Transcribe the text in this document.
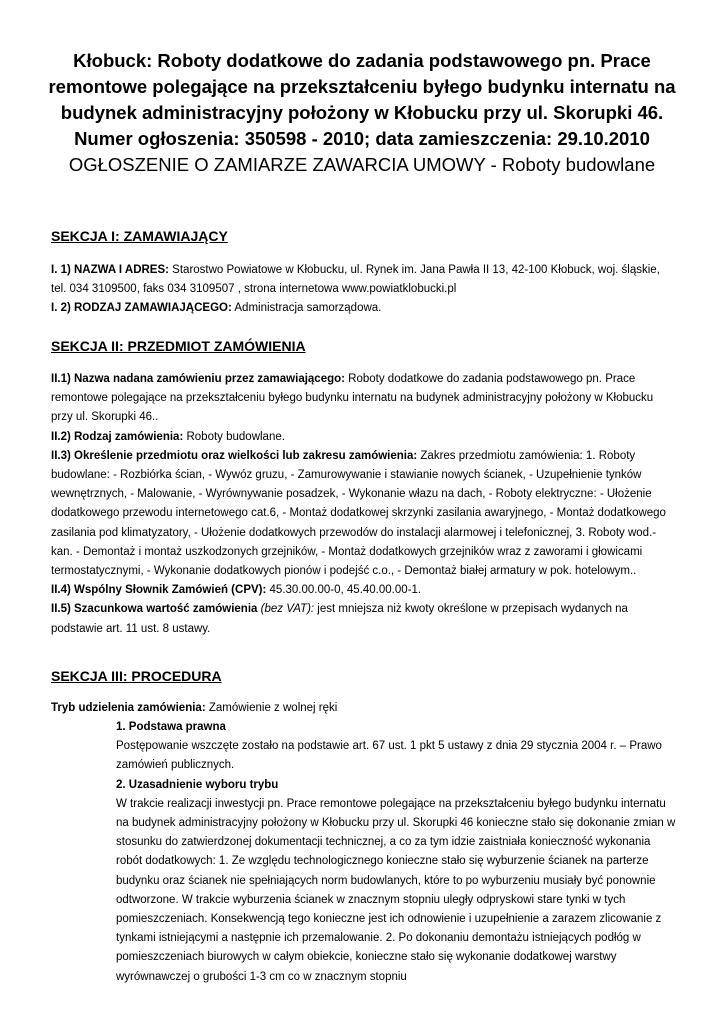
Kłobuck: Roboty dodatkowe do zadania podstawowego pn. Prace remontowe polegające na przekształceniu byłego budynku internatu na budynek administracyjny położony w Kłobucku przy ul. Skorupki 46. Numer ogłoszenia: 350598 - 2010; data zamieszczenia: 29.10.2010
OGŁOSZENIE O ZAMIARZE ZAWARCIA UMOWY - Roboty budowlane
SEKCJA I: ZAMAWIAJĄCY

I. 1) NAZWA I ADRES: Starostwo Powiatowe w Kłobucku, ul. Rynek im. Jana Pawła II 13, 42-100 Kłobuck, woj. śląskie, tel. 034 3109500, faks 034 3109507 , strona internetowa www.powiatklobucki.pl

I. 2) RODZAJ ZAMAWIAJĄCEGO: Administracja samorządowa.

SEKCJA II: PRZEDMIOT ZAMÓWIENIA

II.1) Nazwa nadana zamówieniu przez zamawiającego: Roboty dodatkowe do zadania podstawowego pn. Prace remontowe polegające na przekształceniu byłego budynku internatu na budynek administracyjny położony w Kłobucku przy ul. Skorupki 46..

II.2) Rodzaj zamówienia: Roboty budowlane.

II.3) Określenie przedmiotu oraz wielkości lub zakresu zamówienia: Zakres przedmiotu zamówienia: 1. Roboty budowlane: - Rozbiórka ścian, - Wywóz gruzu, - Zamurowywanie i stawianie nowych ścianek, - Uzupełnienie tynków wewnętrznych, - Malowanie, - Wyrównywanie posadzek, - Wykonanie włazu na dach, - Roboty elektryczne: - Ułożenie dodatkowego przewodu internetowego cat.6, - Montaż dodatkowej skrzynki zasilania awaryjnego, - Montaż dodatkowego zasilania pod klimatyzatory, - Ułożenie dodatkowych przewodów do instalacji alarmowej i telefonicznej, 3. Roboty wod.-kan. - Demontaż i montaż uszkodzonych grzejników, - Montaż dodatkowych grzejników wraz z zaworami i głowicami termostatycznymi, - Wykonanie dodatkowych pionów i podejść c.o., - Demontaż białej armatury w pok. hotelowym..

II.4) Wspólny Słownik Zamówień (CPV): 45.30.00.00-0, 45.40.00.00-1.

II.5) Szacunkowa wartość zamówienia (bez VAT): jest mniejsza niż kwoty określone w przepisach wydanych na podstawie art. 11 ust. 8 ustawy.

SEKCJA III: PROCEDURA

Tryb udzielenia zamówienia: Zamówienie z wolnej ręki

1. Podstawa prawna

Postępowanie wszczęte zostało na podstawie art. 67 ust. 1 pkt 5 ustawy z dnia 29 stycznia 2004 r. – Prawo zamówień publicznych.

2. Uzasadnienie wyboru trybu

W trakcie realizacji inwestycji pn. Prace remontowe polegające na przekształceniu byłego budynku internatu na budynek administracyjny położony w Kłobucku przy ul. Skorupki 46 konieczne stało się dokonanie zmian w stosunku do zatwierdzonej dokumentacji technicznej, a co za tym idzie zaistniała konieczność wykonania robót dodatkowych: 1. Ze względu technologicznego konieczne stało się wyburzenie ścianek na parterze budynku oraz ścianek nie spełniających norm budowlanych, które to po wyburzeniu musiały być ponownie odtworzone. W trakcie wyburzenia ścianek w znacznym stopniu uległy odpryskowi stare tynki w tych pomieszczeniach. Konsekwencją tego konieczne jest ich odnowienie i uzupełnienie a zarazem zlicowanie z tynkami istniejącymi a następnie ich przemalowanie. 2. Po dokonaniu demontażu istniejących podłóg w pomieszczeniach biurowych w całym obiekcie, konieczne stało się wykonanie dodatkowej warstwy wyrównawczej o grubości 1-3 cm co w znacznym stopniu
